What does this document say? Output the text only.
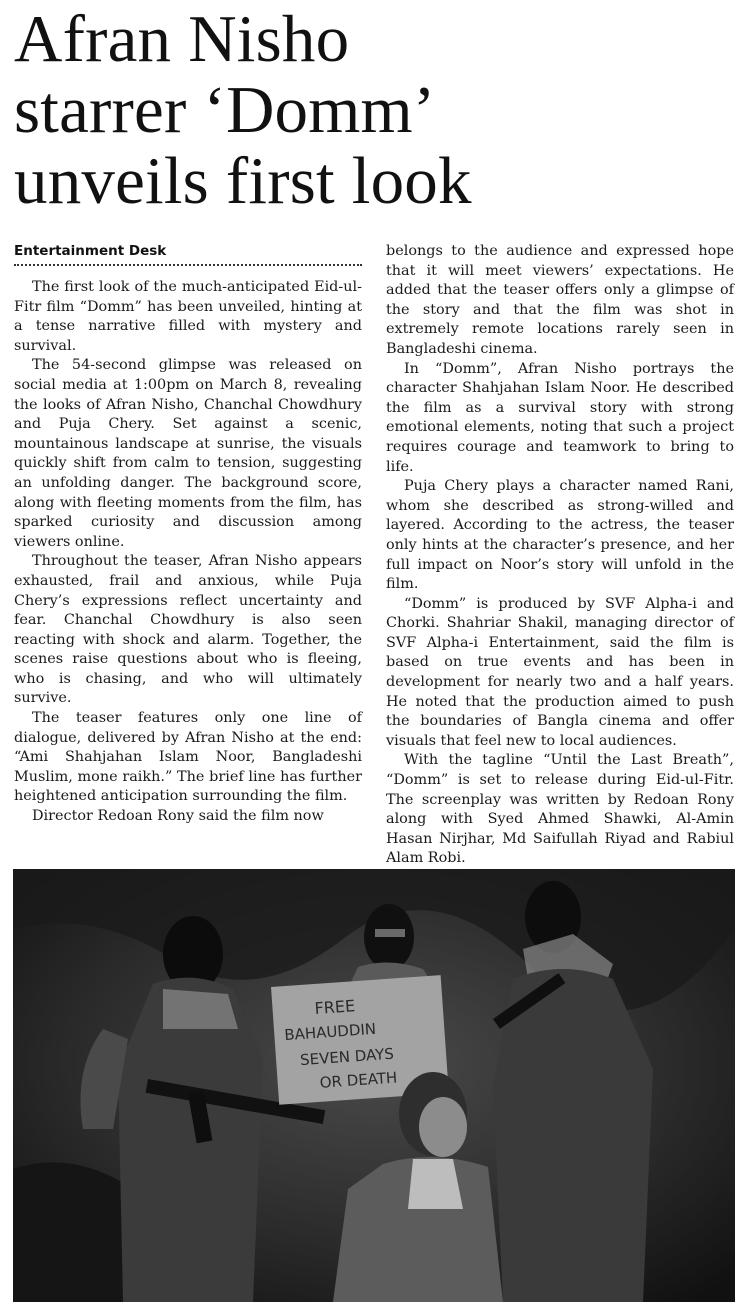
Afran Nisho
starrer ‘Domm’
unveils first look
Entertainment Desk

The first look of the much-anticipated Eid-ul-Fitr film “Domm” has been unveiled, hinting at a tense narrative filled with mystery and survival.

The 54-second glimpse was released on social media at 1:00pm on March 8, revealing the looks of Afran Nisho, Chanchal Chowdhury and Puja Chery. Set against a scenic, mountainous landscape at sunrise, the visuals quickly shift from calm to tension, suggesting an unfolding danger. The background score, along with fleeting moments from the film, has sparked curiosity and discussion among viewers online.

Throughout the teaser, Afran Nisho appears exhausted, frail and anxious, while Puja Chery’s expressions reflect uncertainty and fear. Chanchal Chowdhury is also seen reacting with shock and alarm. Together, the scenes raise questions about who is fleeing, who is chasing, and who will ultimately survive.

The teaser features only one line of dialogue, delivered by Afran Nisho at the end: “Ami Shahjahan Islam Noor, Bangladeshi Muslim, mone raikh.” The brief line has further heightened anticipation surrounding the film.

Director Redoan Rony said the film now

belongs to the audience and expressed hope that it will meet viewers’ expectations. He added that the teaser offers only a glimpse of the story and that the film was shot in extremely remote locations rarely seen in Bangladeshi cinema.

In “Domm”, Afran Nisho portrays the character Shahjahan Islam Noor. He described the film as a survival story with strong emotional elements, noting that such a project requires courage and teamwork to bring to life.

Puja Chery plays a character named Rani, whom she described as strong-willed and layered. According to the actress, the teaser only hints at the character’s presence, and her full impact on Noor’s story will unfold in the film.

“Domm” is produced by SVF Alpha-i and Chorki. Shahriar Shakil, managing director of SVF Alpha-i Entertainment, said the film is based on true events and has been in development for nearly two and a half years. He noted that the production aimed to push the boundaries of Bangla cinema and offer visuals that feel new to local audiences.

With the tagline “Until the Last Breath”, “Domm” is set to release during Eid-ul-Fitr. The screenplay was written by Redoan Rony along with Syed Ahmed Shawki, Al-Amin Hasan Nirjhar, Md Saifullah Riyad and Rabiul Alam Robi.

FREE
BAHAUDDIN
SEVEN DAYS
OR DEATH
